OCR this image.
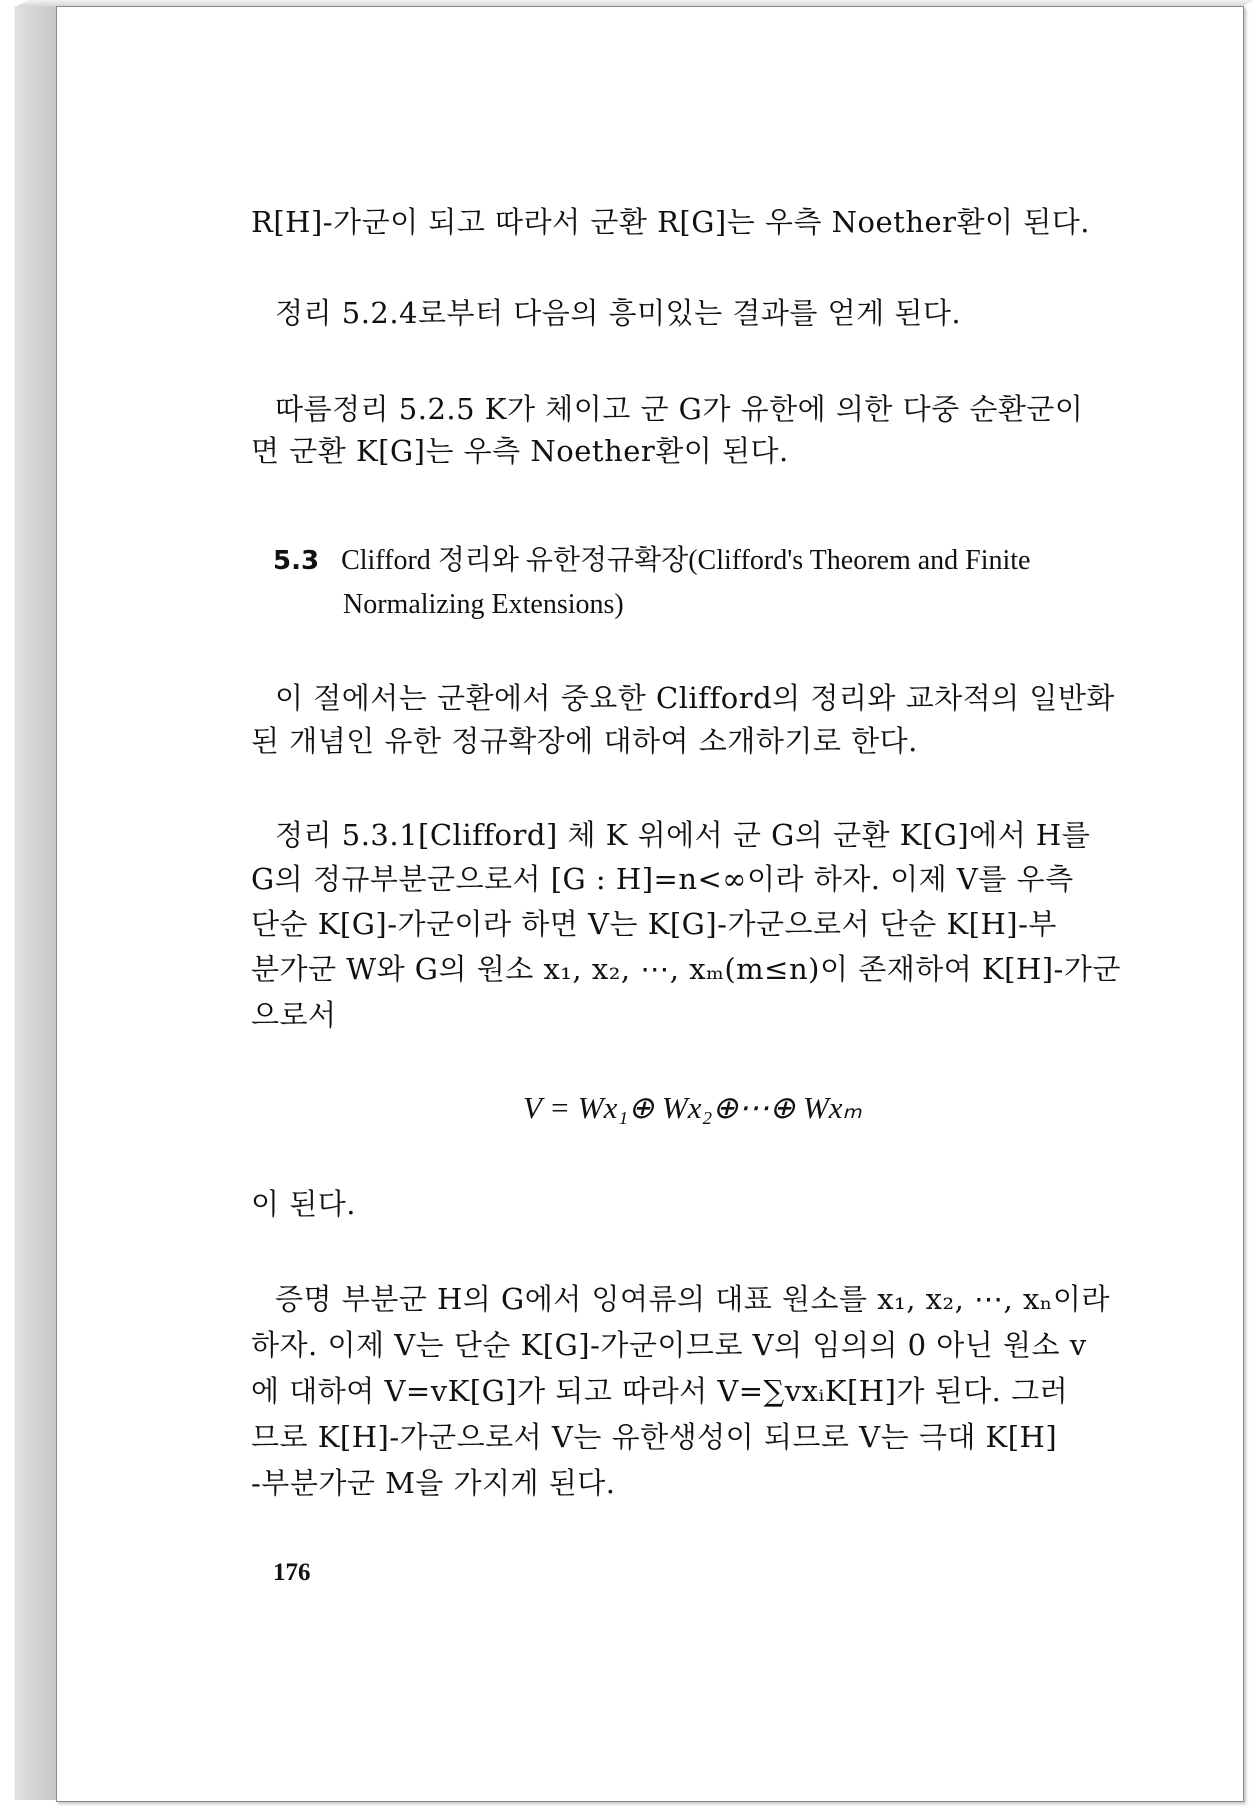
R[H]-가군이 되고 따라서 군환 R[G]는 우측 Noether환이 된다.
정리 5.2.4로부터 다음의 흥미있는 결과를 얻게 된다.
따름정리 5.2.5 K가 체이고 군 G가 유한에 의한 다중 순환군이
면 군환 K[G]는 우측 Noether환이 된다.
5.3 Clifford 정리와 유한정규확장(Clifford's Theorem and Finite
Normalizing Extensions)
이 절에서는 군환에서 중요한 Clifford의 정리와 교차적의 일반화
된 개념인 유한 정규확장에 대하여 소개하기로 한다.
정리 5.3.1[Clifford] 체 K 위에서 군 G의 군환 K[G]에서 H를
G의 정규부분군으로서 [G : H]=n<∞이라 하자. 이제 V를 우측
단순 K[G]-가군이라 하면 V는 K[G]-가군으로서 단순 K[H]-부
분가군 W와 G의 원소 x₁, x₂, ⋯, xₘ(m≤n)이 존재하여 K[H]-가군
으로서
V = Wx₁⊕ Wx₂⊕⋯⊕ Wxₘ
이 된다.
증명 부분군 H의 G에서 잉여류의 대표 원소를 x₁, x₂, ⋯, xₙ이라
하자. 이제 V는 단순 K[G]-가군이므로 V의 임의의 0 아닌 원소 v
에 대하여 V=vK[G]가 되고 따라서 V=∑vxᵢK[H]가 된다. 그러
므로 K[H]-가군으로서 V는 유한생성이 되므로 V는 극대 K[H]
-부분가군 M을 가지게 된다.
176
